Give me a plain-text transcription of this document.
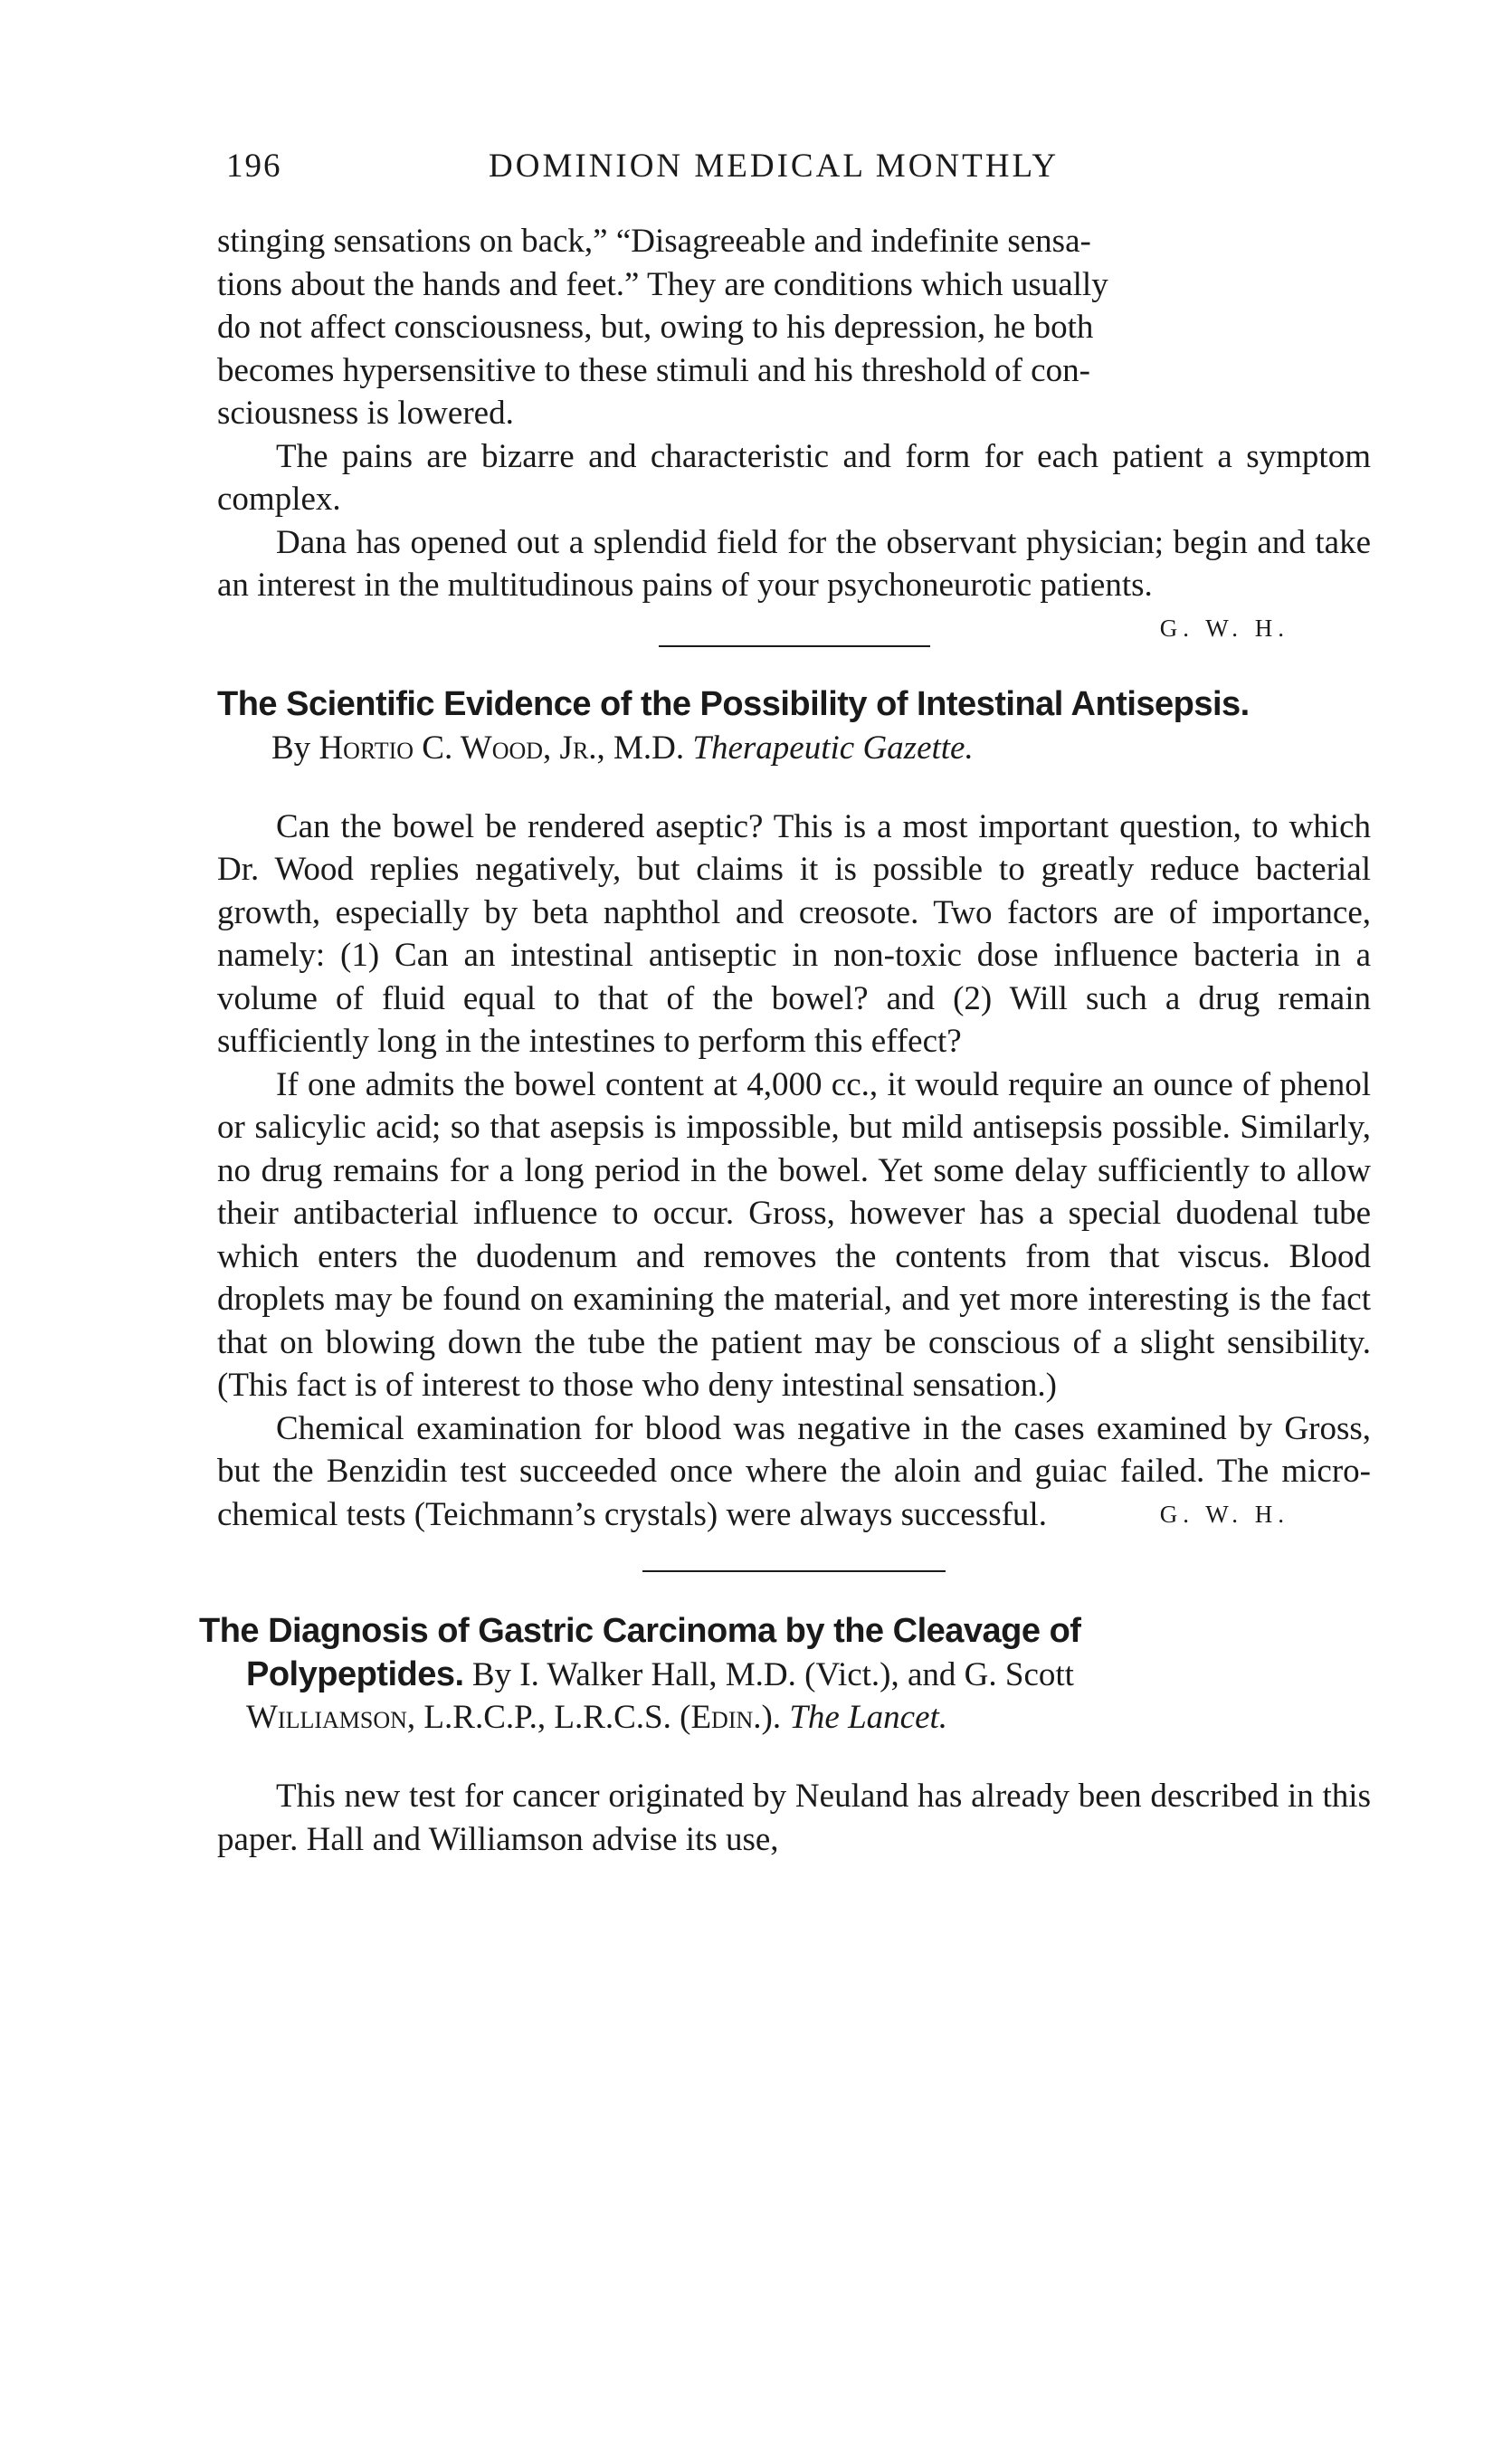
196	DOMINION MEDICAL MONTHLY
stinging sensations on back,” “Disagreeable and indefinite sensa-
tions about the hands and feet.” They are conditions which usually
do not affect consciousness, but, owing to his depression, he both
becomes hypersensitive to these stimuli and his threshold of con-
sciousness is lowered.

The pains are bizarre and characteristic and form for each patient a symptom complex.

Dana has opened out a splendid field for the observant physician; begin and take an interest in the multitudinous pains of your psychoneurotic patients.
G. W. H.

The Scientific Evidence of the Possibility of Intestinal Antisepsis.
By Hortio C. Wood, Jr., M.D. Therapeutic Gazette.

Can the bowel be rendered aseptic? This is a most important question, to which Dr. Wood replies negatively, but claims it is possible to greatly reduce bacterial growth, especially by beta naphthol and creosote. Two factors are of importance, namely: (1) Can an intestinal antiseptic in non-toxic dose influence bacteria in a volume of fluid equal to that of the bowel? and (2) Will such a drug remain sufficiently long in the intestines to perform this effect?

If one admits the bowel content at 4,000 cc., it would require an ounce of phenol or salicylic acid; so that asepsis is impossible, but mild antisepsis possible. Similarly, no drug remains for a long period in the bowel. Yet some delay sufficiently to allow their antibacterial influence to occur. Gross, however has a special duodenal tube which enters the duodenum and removes the contents from that viscus. Blood droplets may be found on examining the material, and yet more interesting is the fact that on blowing down the tube the patient may be conscious of a slight sensibility. (This fact is of interest to those who deny intestinal sensation.)

Chemical examination for blood was negative in the cases examined by Gross, but the Benzidin test succeeded once where the aloin and guiac failed. The micro-chemical tests (Teichmann’s crystals) were always successful.	G. W. H.

The Diagnosis of Gastric Carcinoma by the Cleavage of
Polypeptides. By I. Walker Hall, M.D. (Vict.), and G. Scott
Williamson, L.R.C.P., L.R.C.S. (Edin.). The Lancet.

This new test for cancer originated by Neuland has already been described in this paper. Hall and Williamson advise its use,
